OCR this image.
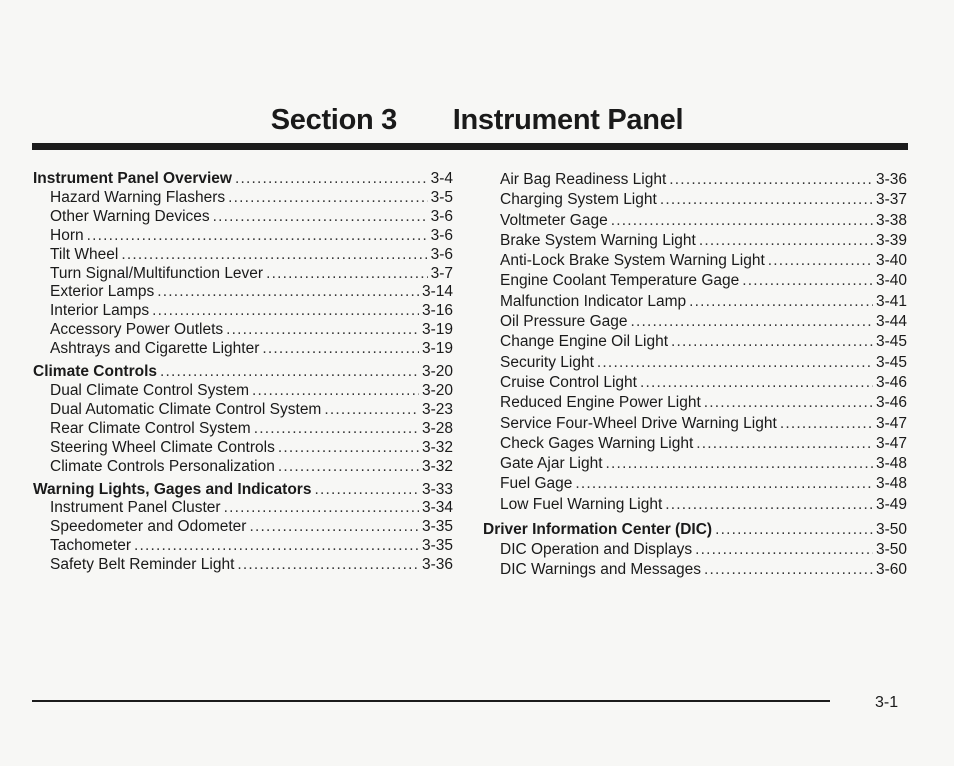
Section 3 Instrument Panel
Instrument Panel Overview .....	3-4
Hazard Warning Flashers .....	3-5
Other Warning Devices .....	3-6
Horn .....	3-6
Tilt Wheel .....	3-6
Turn Signal/Multifunction Lever .....	3-7
Exterior Lamps .....	3-14
Interior Lamps .....	3-16
Accessory Power Outlets .....	3-19
Ashtrays and Cigarette Lighter .....	3-19
Climate Controls .....	3-20
Dual Climate Control System .....	3-20
Dual Automatic Climate Control System .....	3-23
Rear Climate Control System .....	3-28
Steering Wheel Climate Controls .....	3-32
Climate Controls Personalization .....	3-32
Warning Lights, Gages and Indicators .....	3-33
Instrument Panel Cluster .....	3-34
Speedometer and Odometer .....	3-35
Tachometer .....	3-35
Safety Belt Reminder Light .....	3-36
Air Bag Readiness Light .....	3-36
Charging System Light .....	3-37
Voltmeter Gage .....	3-38
Brake System Warning Light .....	3-39
Anti-Lock Brake System Warning Light .....	3-40
Engine Coolant Temperature Gage .....	3-40
Malfunction Indicator Lamp .....	3-41
Oil Pressure Gage .....	3-44
Change Engine Oil Light .....	3-45
Security Light .....	3-45
Cruise Control Light .....	3-46
Reduced Engine Power Light .....	3-46
Service Four-Wheel Drive Warning Light .....	3-47
Check Gages Warning Light .....	3-47
Gate Ajar Light .....	3-48
Fuel Gage .....	3-48
Low Fuel Warning Light .....	3-49
Driver Information Center (DIC) .....	3-50
DIC Operation and Displays .....	3-50
DIC Warnings and Messages .....	3-60
3-1
